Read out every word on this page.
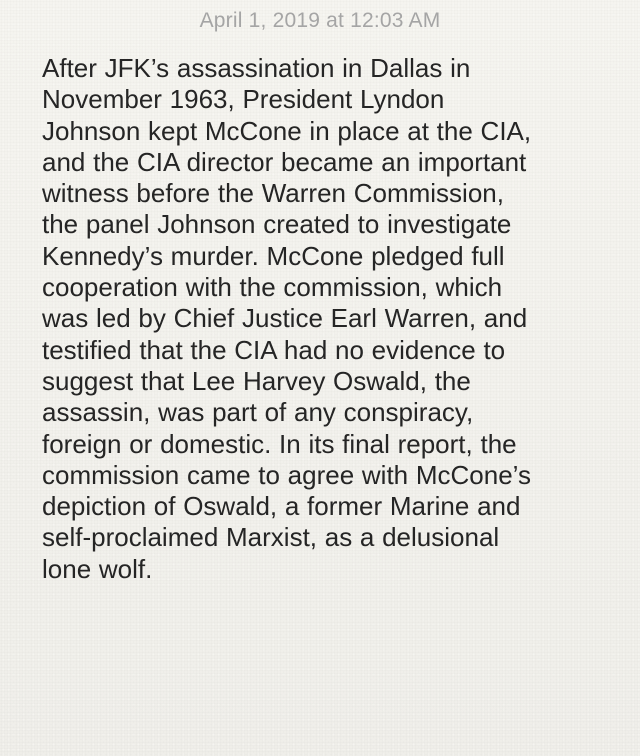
April 1, 2019 at 12:03 AM
After JFK’s assassination in Dallas in
November 1963, President Lyndon
Johnson kept McCone in place at the CIA,
and the CIA director became an important
witness before the Warren Commission,
the panel Johnson created to investigate
Kennedy’s murder. McCone pledged full
cooperation with the commission, which
was led by Chief Justice Earl Warren, and
testified that the CIA had no evidence to
suggest that Lee Harvey Oswald, the
assassin, was part of any conspiracy,
foreign or domestic. In its final report, the
commission came to agree with McCone’s
depiction of Oswald, a former Marine and
self-proclaimed Marxist, as a delusional
lone wolf.
